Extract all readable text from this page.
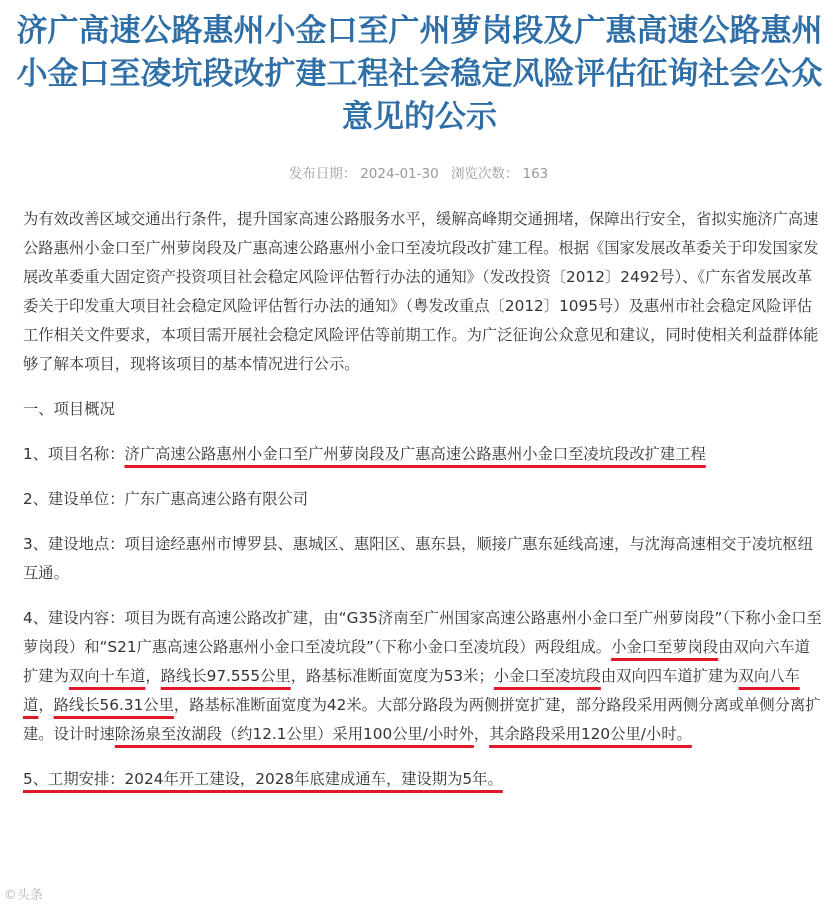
济广高速公路惠州小金口至广州萝岗段及广惠高速公路惠州小金口至凌坑段改扩建工程社会稳定风险评估征询社会公众意见的公示
发布日期： 2024-01-30 浏览次数： 163

为有效改善区域交通出行条件，提升国家高速公路服务水平，缓解高峰期交通拥堵，保障出行安全，省拟实施济广高速公路惠州小金口至广州萝岗段及广惠高速公路惠州小金口至凌坑段改扩建工程。根据《国家发展改革委关于印发国家发展改革委重大固定资产投资项目社会稳定风险评估暂行办法的通知》（发改投资〔2012〕2492号）、《广东省发展改革委关于印发重大项目社会稳定风险评估暂行办法的通知》（粤发改重点〔2012〕1095号）及惠州市社会稳定风险评估工作相关文件要求，本项目需开展社会稳定风险评估等前期工作。为广泛征询公众意见和建议，同时使相关利益群体能够了解本项目，现将该项目的基本情况进行公示。

一、项目概况

1、项目名称：济广高速公路惠州小金口至广州萝岗段及广惠高速公路惠州小金口至凌坑段改扩建工程

2、建设单位：广东广惠高速公路有限公司

3、建设地点：项目途经惠州市博罗县、惠城区、惠阳区、惠东县，顺接广惠东延线高速，与沈海高速相交于凌坑枢纽互通。

4、建设内容：项目为既有高速公路改扩建，由“G35济南至广州国家高速公路惠州小金口至广州萝岗段”（下称小金口至萝岗段）和“S21广惠高速公路惠州小金口至凌坑段”（下称小金口至凌坑段）两段组成。小金口至萝岗段由双向六车道扩建为双向十车道，路线长97.555公里，路基标准断面宽度为53米；小金口至凌坑段由双向四车道扩建为双向八车道，路线长56.31公里，路基标准断面宽度为42米。大部分路段为两侧拼宽扩建，部分路段采用两侧分离或单侧分离扩建。设计时速除汤泉至汝湖段（约12.1公里）采用100公里/小时外，其余路段采用120公里/小时。

5、工期安排：2024年开工建设，2028年底建成通车，建设期为5年。

©头条
